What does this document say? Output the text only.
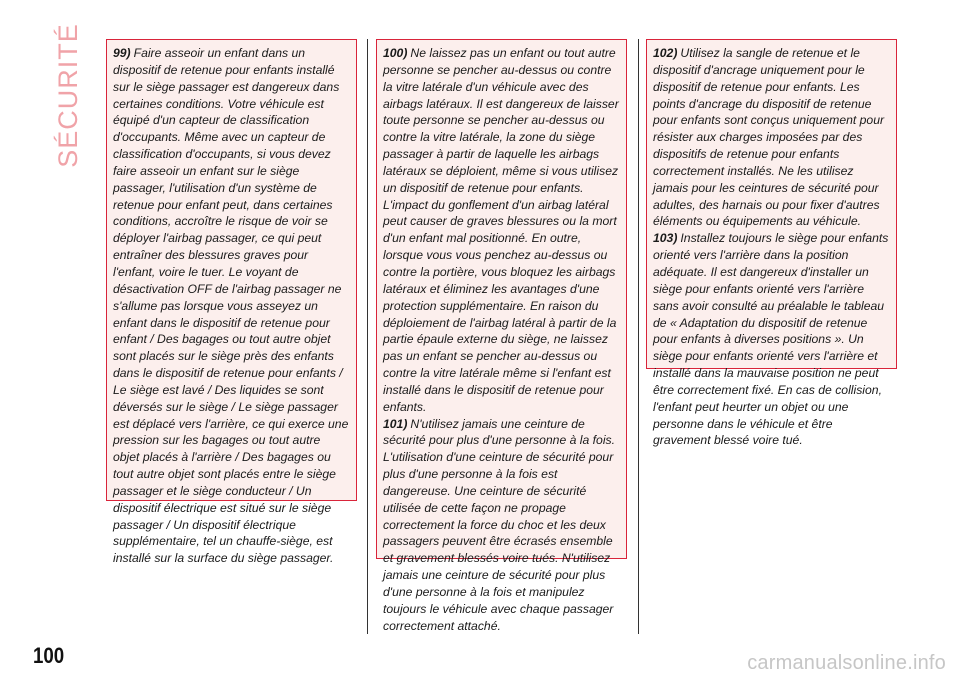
SÉCURITÉ	99) Faire asseoir un enfant dans un dispositif de retenue pour enfants installé sur le siège passager est dangereux dans certaines conditions. Votre véhicule est équipé d'un capteur de classification d'occupants. Même avec un capteur de classification d'occupants, si vous devez faire asseoir un enfant sur le siège passager, l'utilisation d'un système de retenue pour enfant peut, dans certaines conditions, accroître le risque de voir se déployer l'airbag passager, ce qui peut entraîner des blessures graves pour l'enfant, voire le tuer. Le voyant de désactivation OFF de l'airbag passager ne s'allume pas lorsque vous asseyez un enfant dans le dispositif de retenue pour enfant / Des bagages ou tout autre objet sont placés sur le siège près des enfants dans le dispositif de retenue pour enfants / Le siège est lavé / Des liquides se sont déversés sur le siège / Le siège passager est déplacé vers l'arrière, ce qui exerce une pression sur les bagages ou tout autre objet placés à l'arrière / Des bagages ou tout autre objet sont placés entre le siège passager et le siège conducteur / Un dispositif électrique est situé sur le siège passager / Un dispositif électrique supplémentaire, tel un chauffe-siège, est installé sur la surface du siège passager.

100) Ne laissez pas un enfant ou tout autre personne se pencher au-dessus ou contre la vitre latérale d'un véhicule avec des airbags latéraux. Il est dangereux de laisser toute personne se pencher au-dessus ou contre la vitre latérale, la zone du siège passager à partir de laquelle les airbags latéraux se déploient, même si vous utilisez un dispositif de retenue pour enfants. L'impact du gonflement d'un airbag latéral peut causer de graves blessures ou la mort d'un enfant mal positionné. En outre, lorsque vous vous penchez au-dessus ou contre la portière, vous bloquez les airbags latéraux et éliminez les avantages d'une protection supplémentaire. En raison du déploiement de l'airbag latéral à partir de la partie épaule externe du siège, ne laissez pas un enfant se pencher au-dessus ou contre la vitre latérale même si l'enfant est installé dans le dispositif de retenue pour enfants.

101) N'utilisez jamais une ceinture de sécurité pour plus d'une personne à la fois. L'utilisation d'une ceinture de sécurité pour plus d'une personne à la fois est dangereuse. Une ceinture de sécurité utilisée de cette façon ne propage correctement la force du choc et les deux passagers peuvent être écrasés ensemble et gravement blessés voire tués. N'utilisez jamais une ceinture de sécurité pour plus d'une personne à la fois et manipulez toujours le véhicule avec chaque passager correctement attaché.

102) Utilisez la sangle de retenue et le dispositif d'ancrage uniquement pour le dispositif de retenue pour enfants. Les points d'ancrage du dispositif de retenue pour enfants sont conçus uniquement pour résister aux charges imposées par des dispositifs de retenue pour enfants correctement installés. Ne les utilisez jamais pour les ceintures de sécurité pour adultes, des harnais ou pour fixer d'autres éléments ou équipements au véhicule.

103) Installez toujours le siège pour enfants orienté vers l'arrière dans la position adéquate. Il est dangereux d'installer un siège pour enfants orienté vers l'arrière sans avoir consulté au préalable le tableau de « Adaptation du dispositif de retenue pour enfants à diverses positions ». Un siège pour enfants orienté vers l'arrière et installé dans la mauvaise position ne peut être correctement fixé. En cas de collision, l'enfant peut heurter un objet ou une personne dans le véhicule et être gravement blessé voire tué.

100	carmanualsonline.info
